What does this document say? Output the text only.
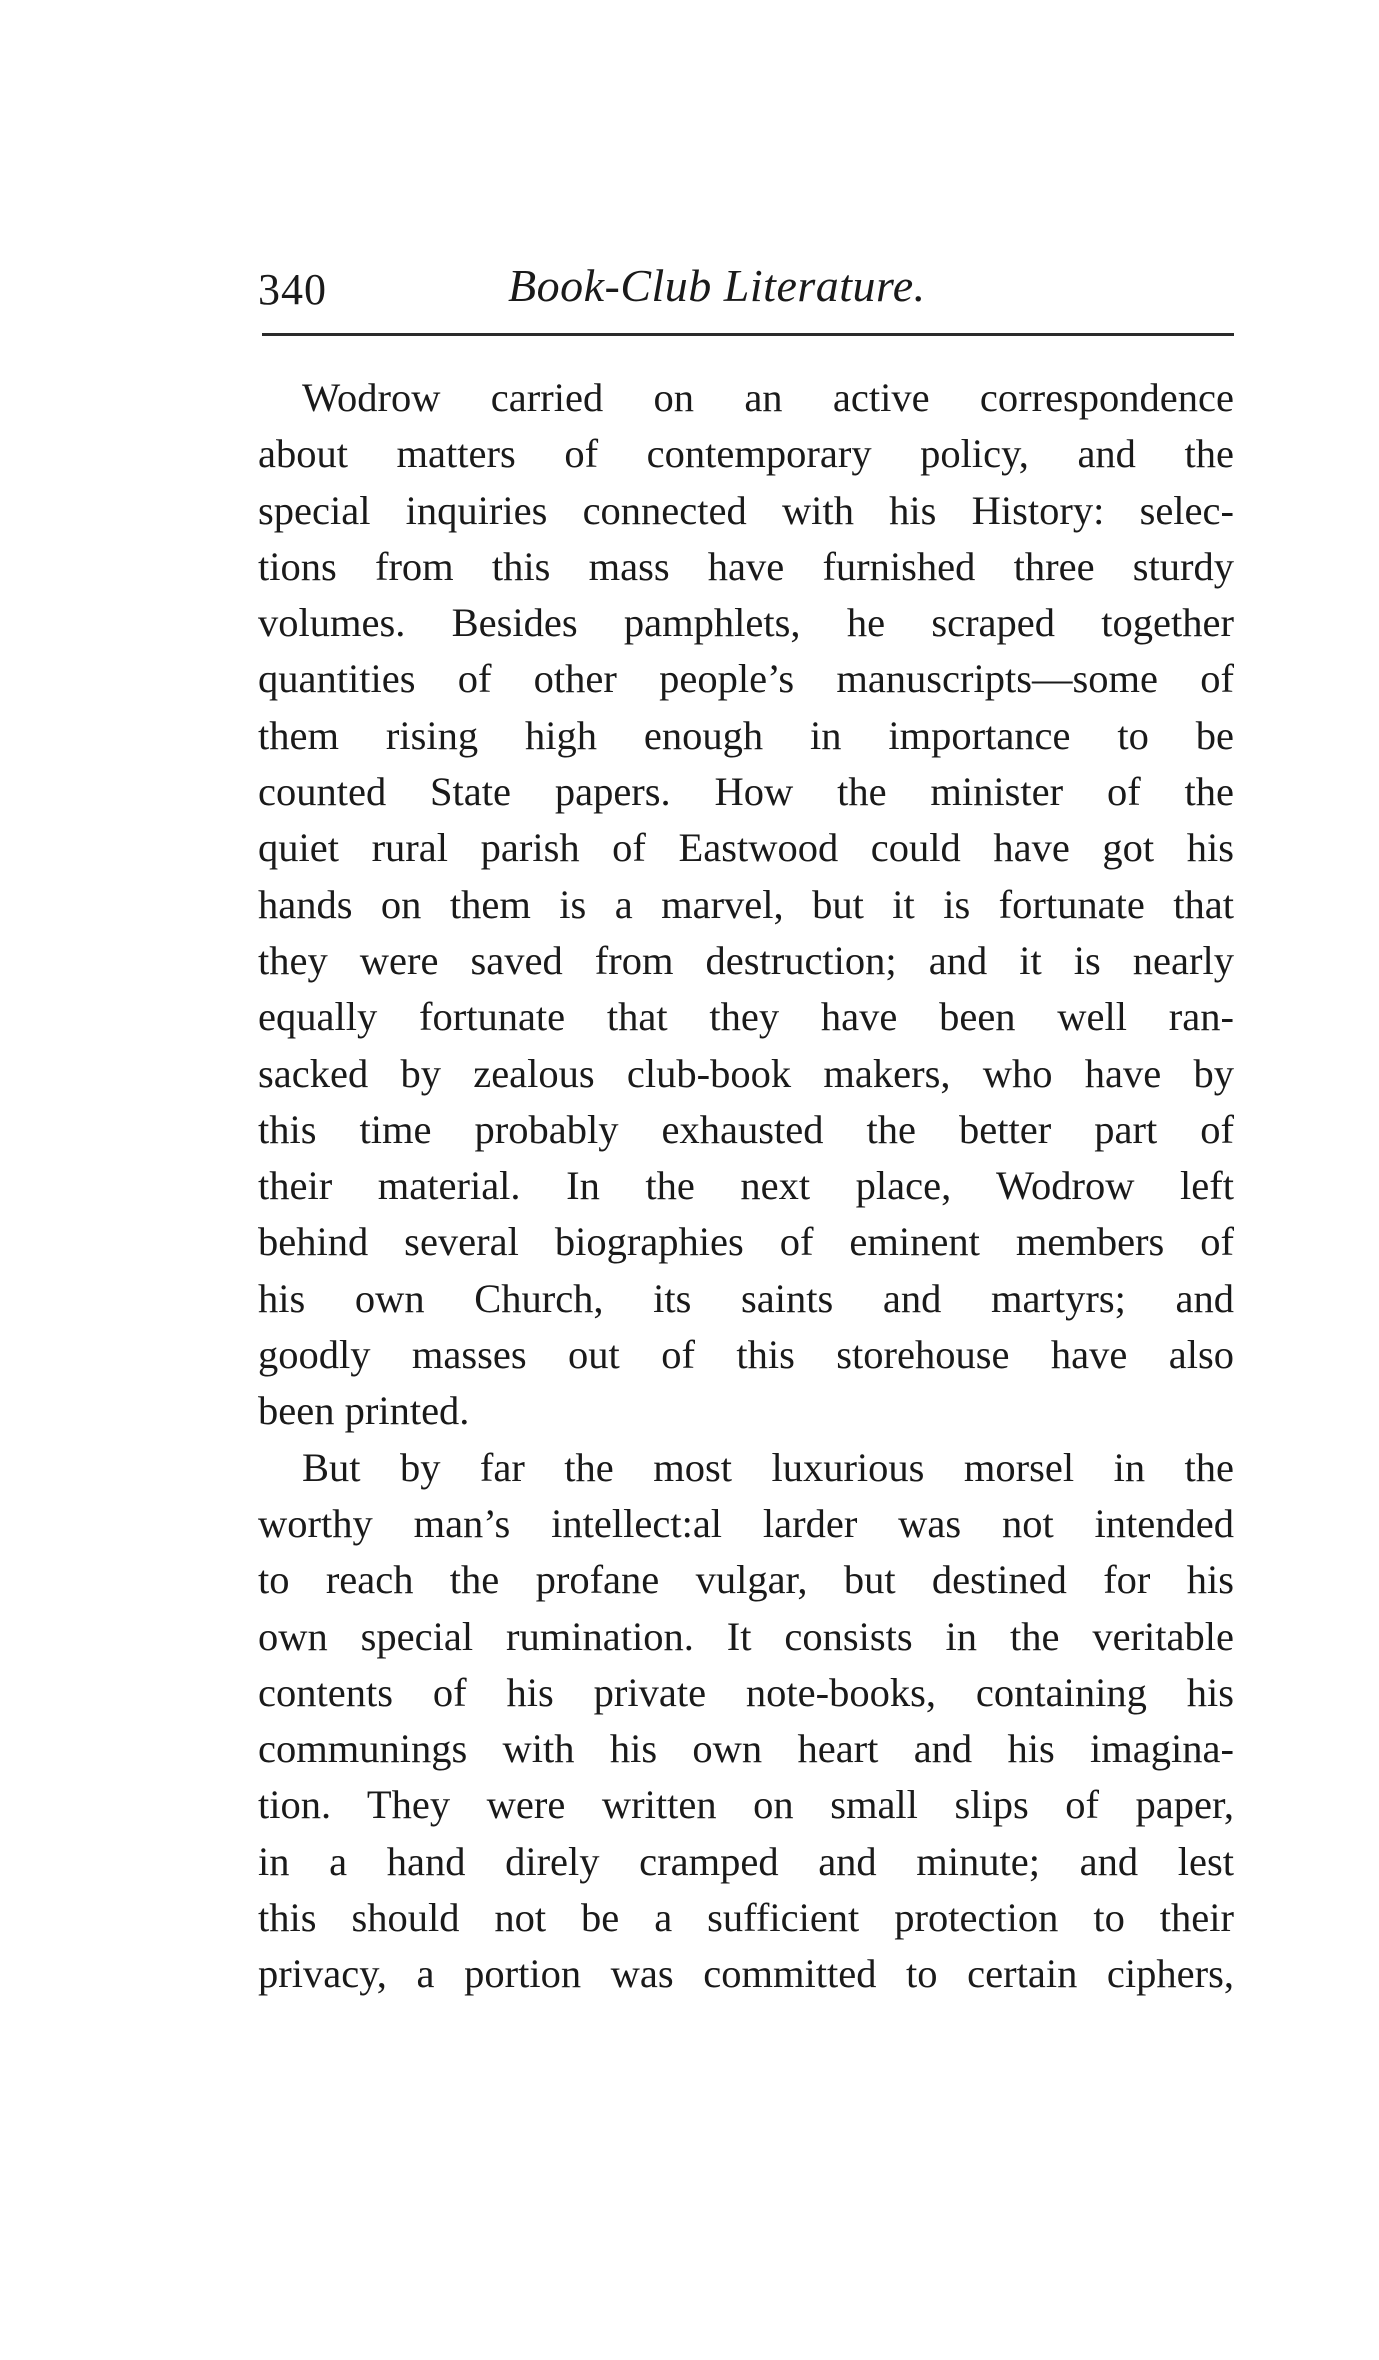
340	Book-Club Literature.

Wodrow carried on an active correspondence
about matters of contemporary policy, and the
special inquiries connected with his History: selec-
tions from this mass have furnished three sturdy
volumes. Besides pamphlets, he scraped together
quantities of other people’s manuscripts—some of
them rising high enough in importance to be
counted State papers. How the minister of the
quiet rural parish of Eastwood could have got his
hands on them is a marvel, but it is fortunate that
they were saved from destruction; and it is nearly
equally fortunate that they have been well ran-
sacked by zealous club-book makers, who have by
this time probably exhausted the better part of
their material. In the next place, Wodrow left
behind several biographies of eminent members of
his own Church, its saints and martyrs; and
goodly masses out of this storehouse have also
been printed.

But by far the most luxurious morsel in the
worthy man’s intellect:al larder was not intended
to reach the profane vulgar, but destined for his
own special rumination. It consists in the veritable
contents of his private note-books, containing his
communings with his own heart and his imagina-
tion. They were written on small slips of paper,
in a hand direly cramped and minute; and lest
this should not be a sufficient protection to their
privacy, a portion was committed to certain ciphers,
